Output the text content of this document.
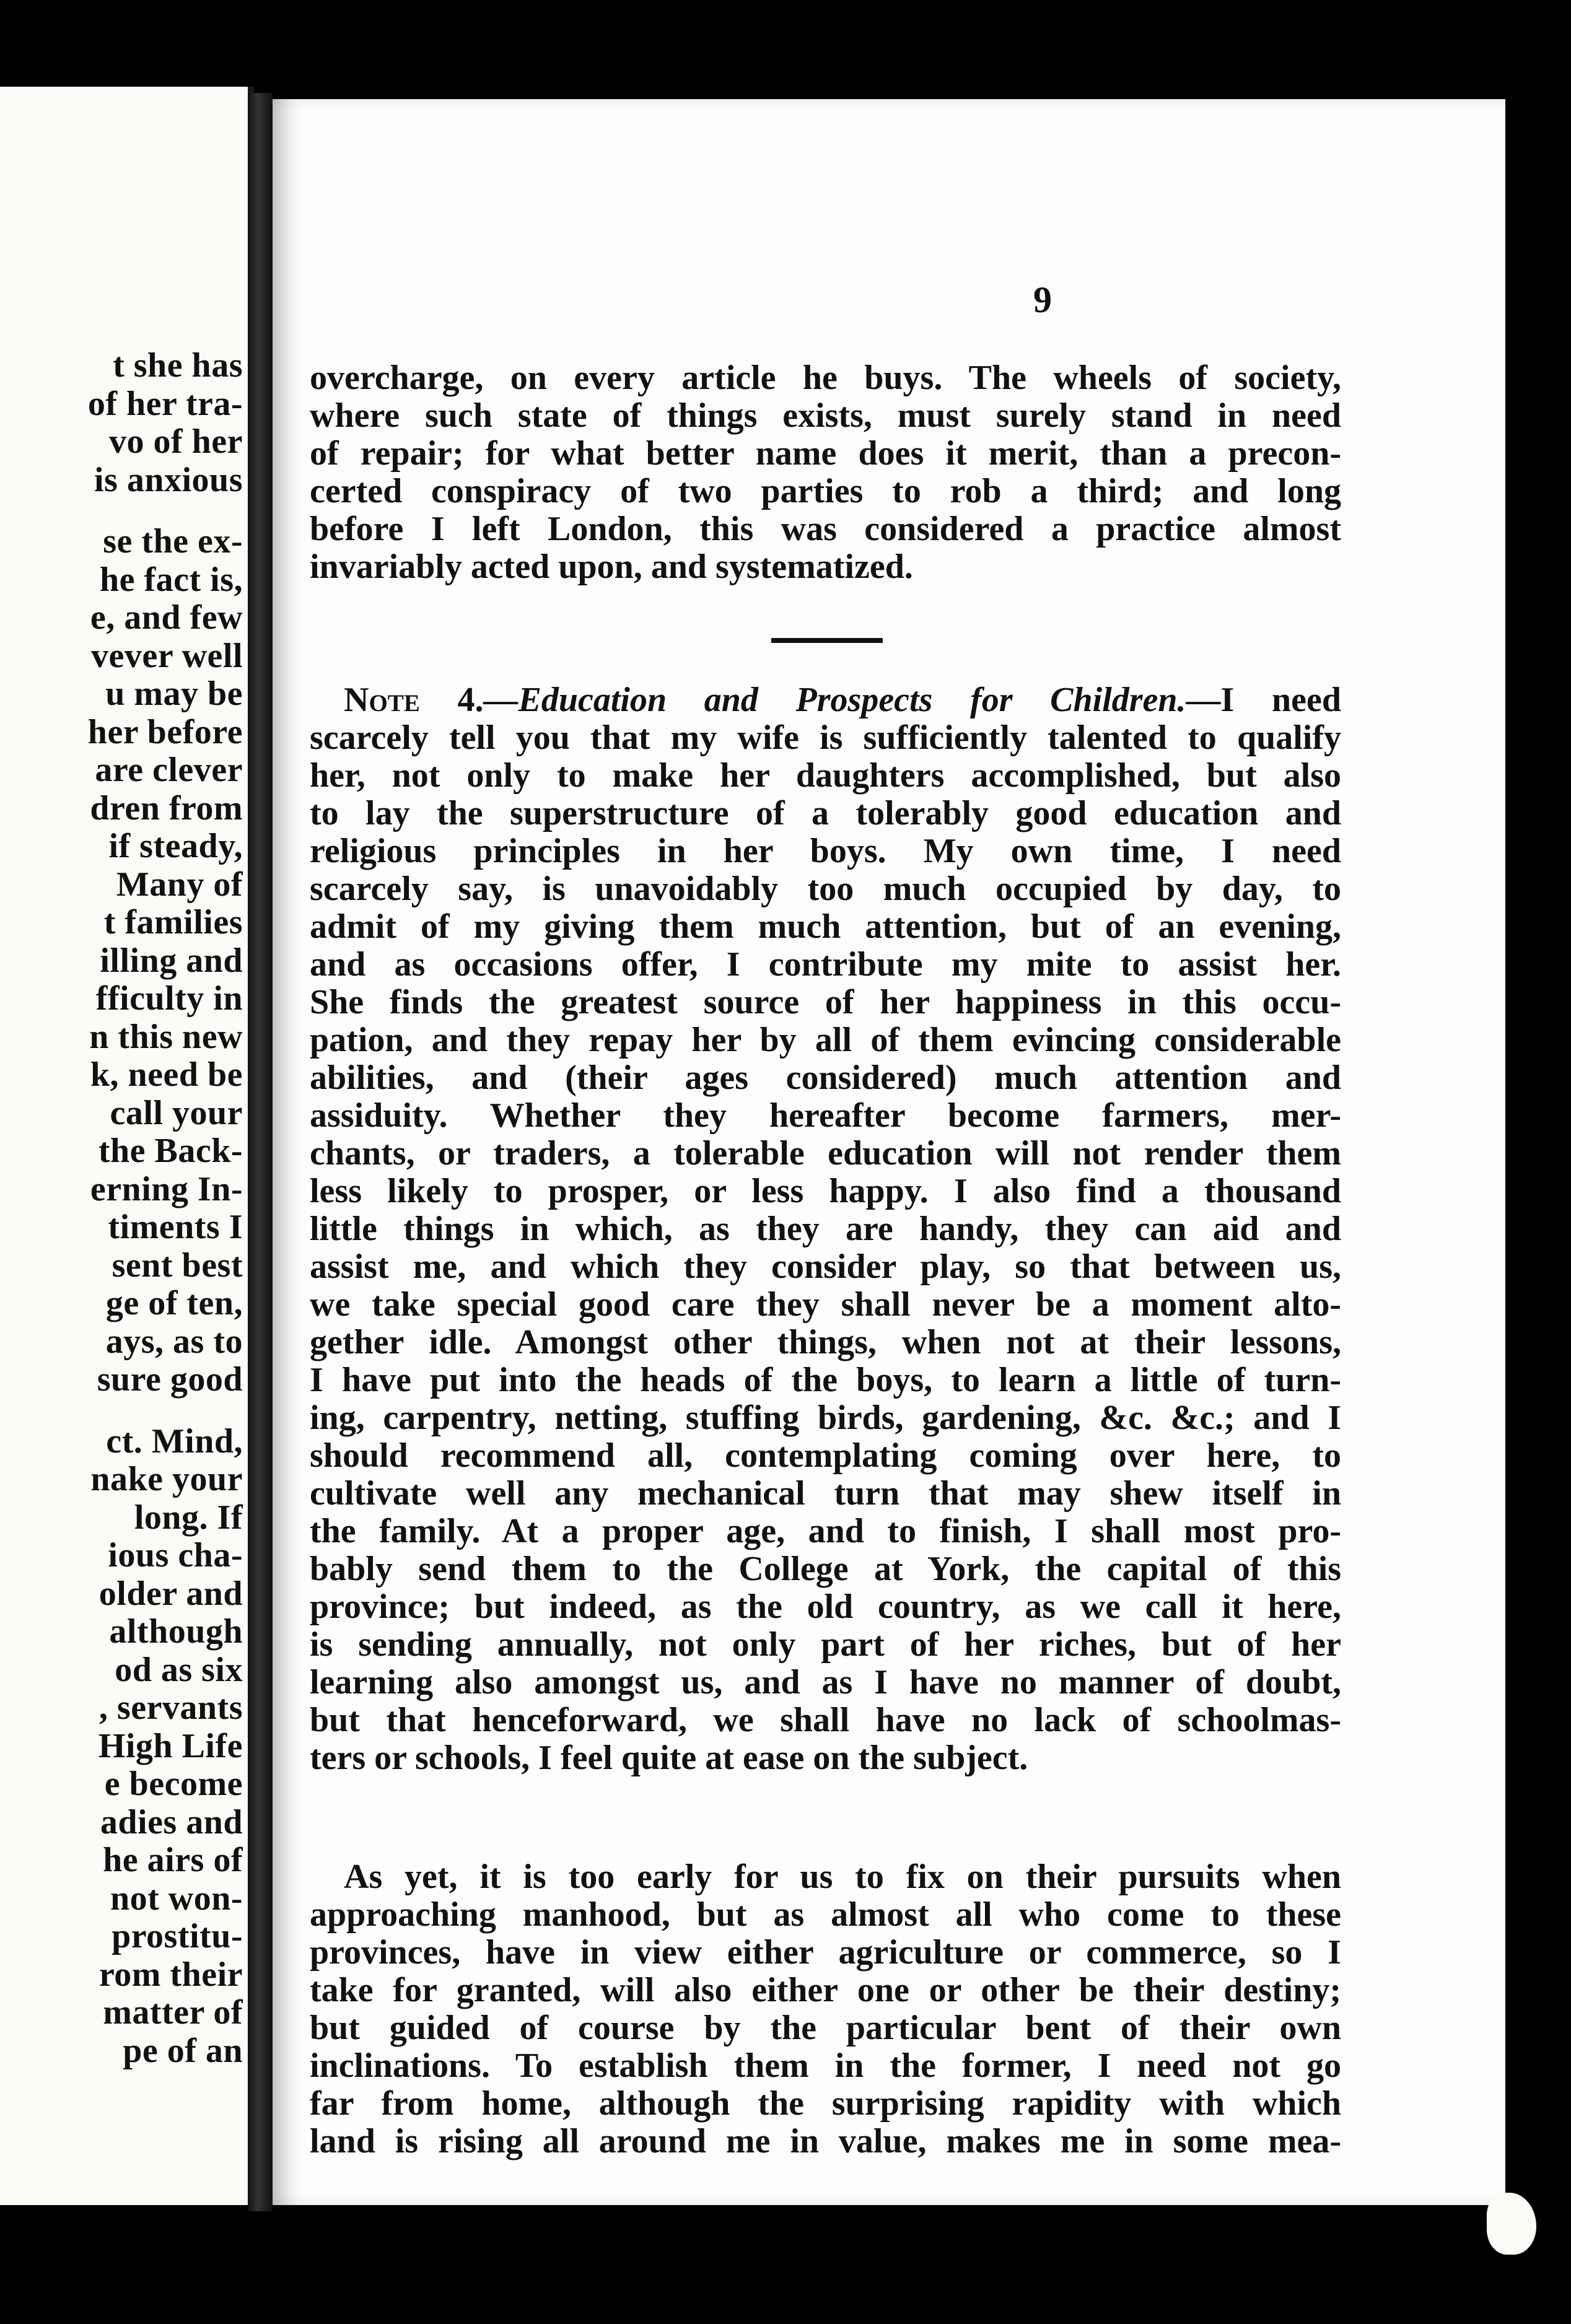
t she has
of her tra-
vo of her
is anxious
se the ex-
he fact is,
e, and few
vever well
u may be
her before
are clever
dren from
if steady,
Many of
t families
illing and
fficulty in
n this new
k, need be
call your
the Back-
erning In-
timents I
sent best
ge of ten,
ays, as to
sure good
ct. Mind,
nake your
long. If
ious cha-
older and
although
od as six
, servants
High Life
e become
adies and
he airs of
not won-
prostitu-
rom their
matter of
pe of an
9
overcharge, on every article he buys. The wheels of society,
where such state of things exists, must surely stand in need
of repair; for what better name does it merit, than a precon-
certed conspiracy of two parties to rob a third; and long
before I left London, this was considered a practice almost
invariably acted upon, and systematized.
Note 4.—Education and Prospects for Children.—I need
scarcely tell you that my wife is sufficiently talented to qualify
her, not only to make her daughters accomplished, but also
to lay the superstructure of a tolerably good education and
religious principles in her boys. My own time, I need
scarcely say, is unavoidably too much occupied by day, to
admit of my giving them much attention, but of an evening,
and as occasions offer, I contribute my mite to assist her.
She finds the greatest source of her happiness in this occu-
pation, and they repay her by all of them evincing considerable
abilities, and (their ages considered) much attention and
assiduity. Whether they hereafter become farmers, mer-
chants, or traders, a tolerable education will not render them
less likely to prosper, or less happy. I also find a thousand
little things in which, as they are handy, they can aid and
assist me, and which they consider play, so that between us,
we take special good care they shall never be a moment alto-
gether idle. Amongst other things, when not at their lessons,
I have put into the heads of the boys, to learn a little of turn-
ing, carpentry, netting, stuffing birds, gardening, &c. &c.; and I
should recommend all, contemplating coming over here, to
cultivate well any mechanical turn that may shew itself in
the family. At a proper age, and to finish, I shall most pro-
bably send them to the College at York, the capital of this
province; but indeed, as the old country, as we call it here,
is sending annually, not only part of her riches, but of her
learning also amongst us, and as I have no manner of doubt,
but that henceforward, we shall have no lack of schoolmas-
ters or schools, I feel quite at ease on the subject.
As yet, it is too early for us to fix on their pursuits when
approaching manhood, but as almost all who come to these
provinces, have in view either agriculture or commerce, so I
take for granted, will also either one or other be their destiny;
but guided of course by the particular bent of their own
inclinations. To establish them in the former, I need not go
far from home, although the surprising rapidity with which
land is rising all around me in value, makes me in some mea-
